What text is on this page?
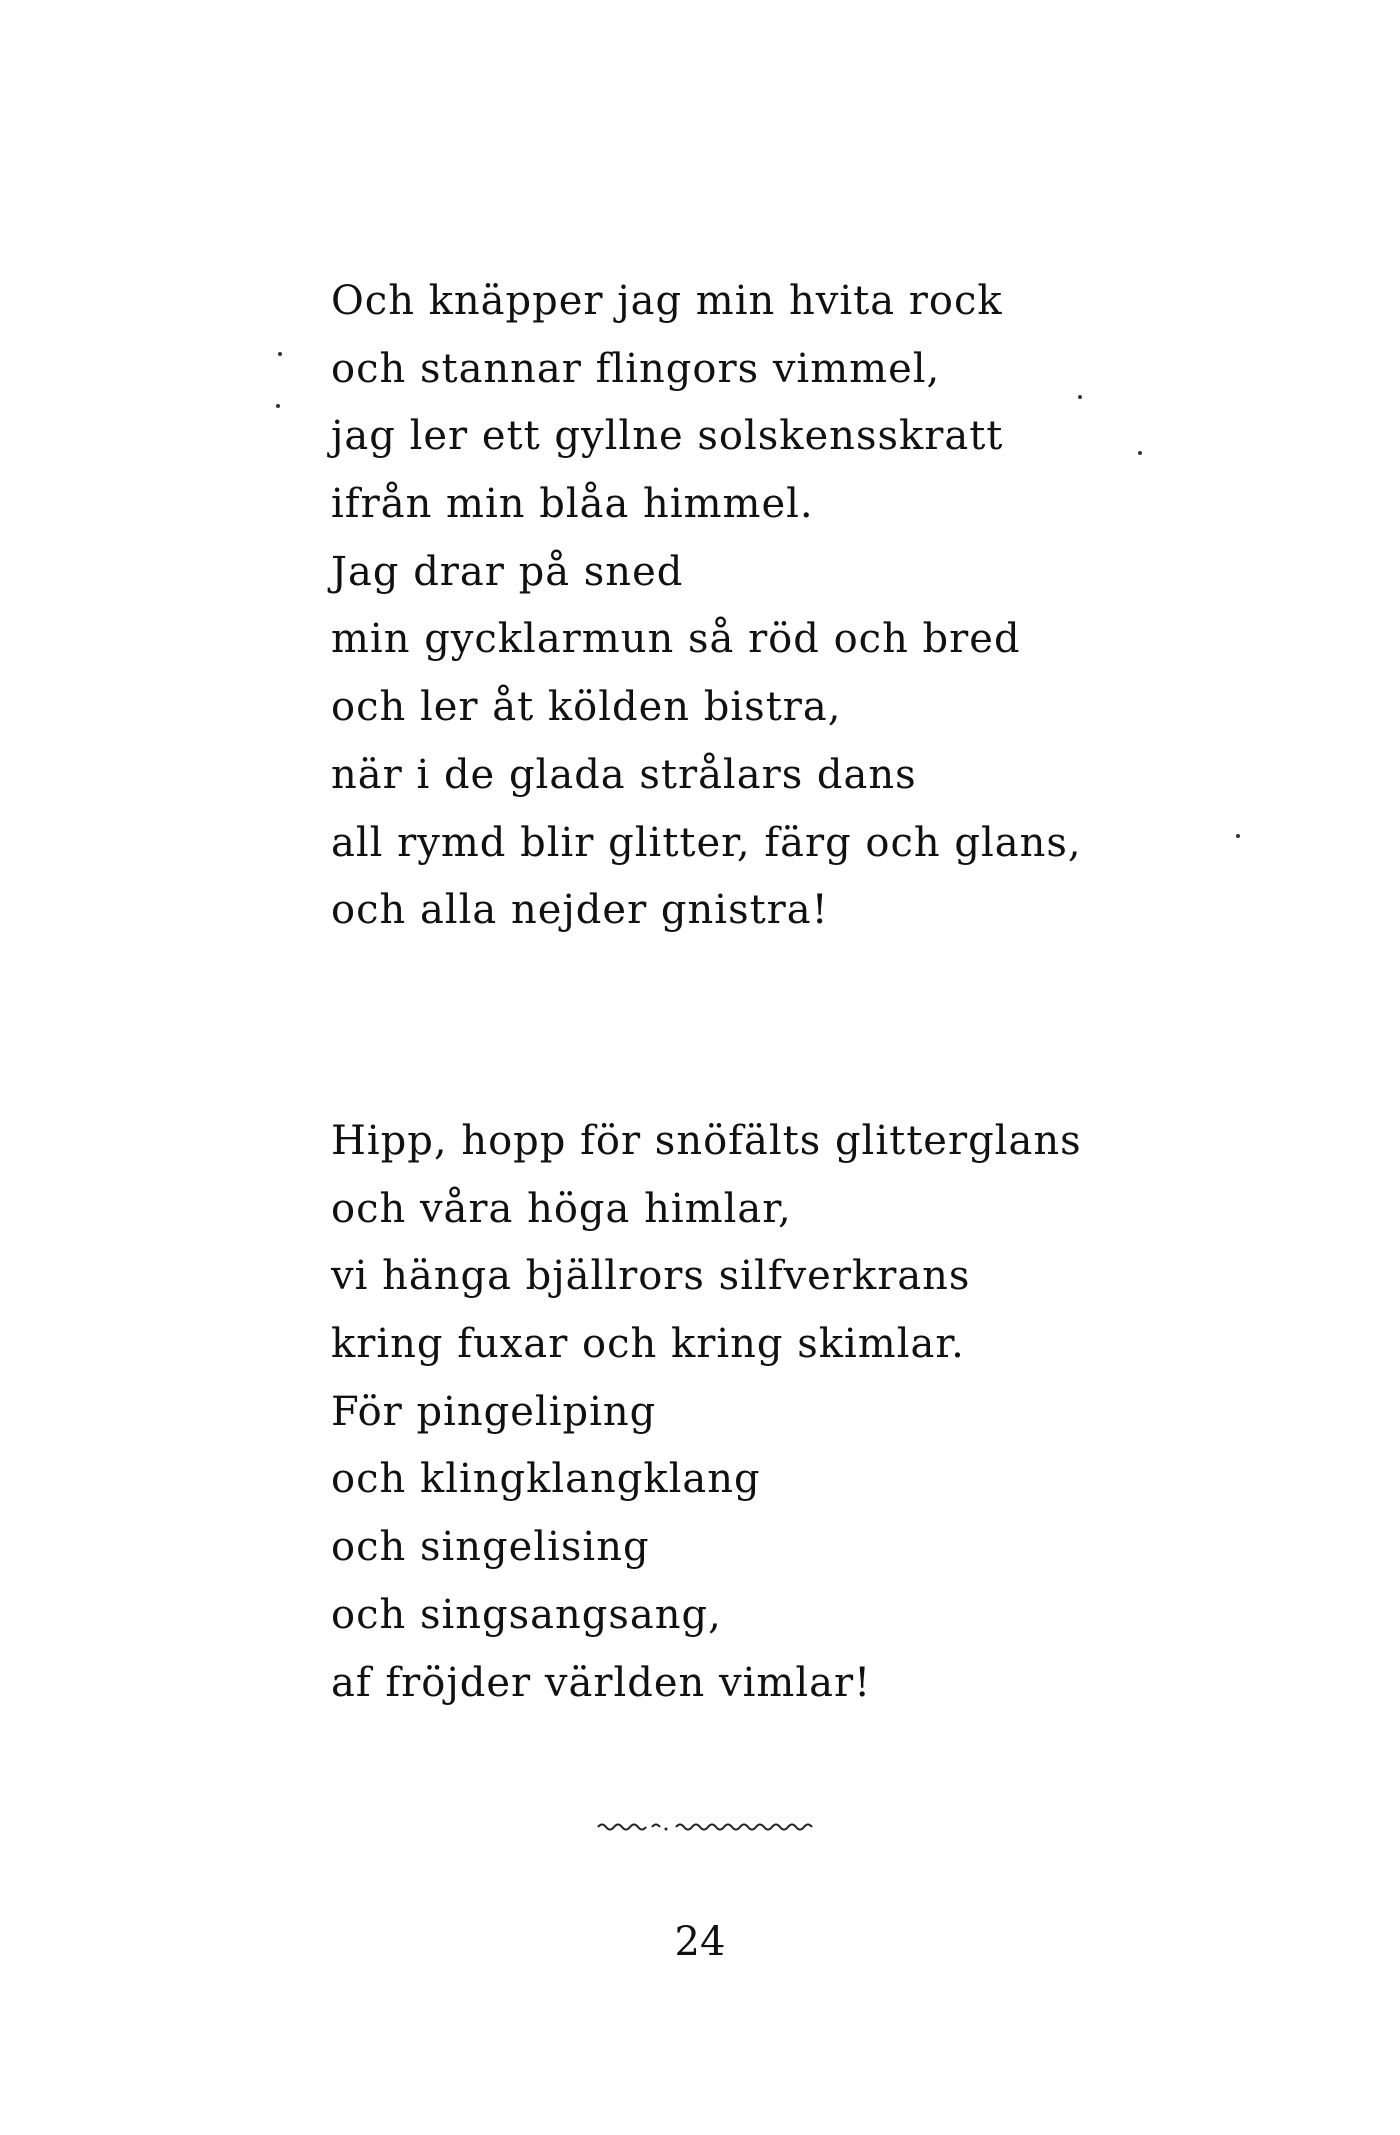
Och knäpper jag min hvita rock
och stannar flingors vimmel,
jag ler ett gyllne solskensskratt
ifrån min blåa himmel.
Jag drar på sned
min gycklarmun så röd och bred
och ler åt kölden bistra,
när i de glada strålars dans
all rymd blir glitter, färg och glans,
och alla nejder gnistra!
Hipp, hopp för snöfälts glitterglans
och våra höga himlar,
vi hänga bjällrors silfverkrans
kring fuxar och kring skimlar.
För pingeliping
och klingklangklang
och singelising
och singsangsang,
af fröjder världen vimlar!
24
